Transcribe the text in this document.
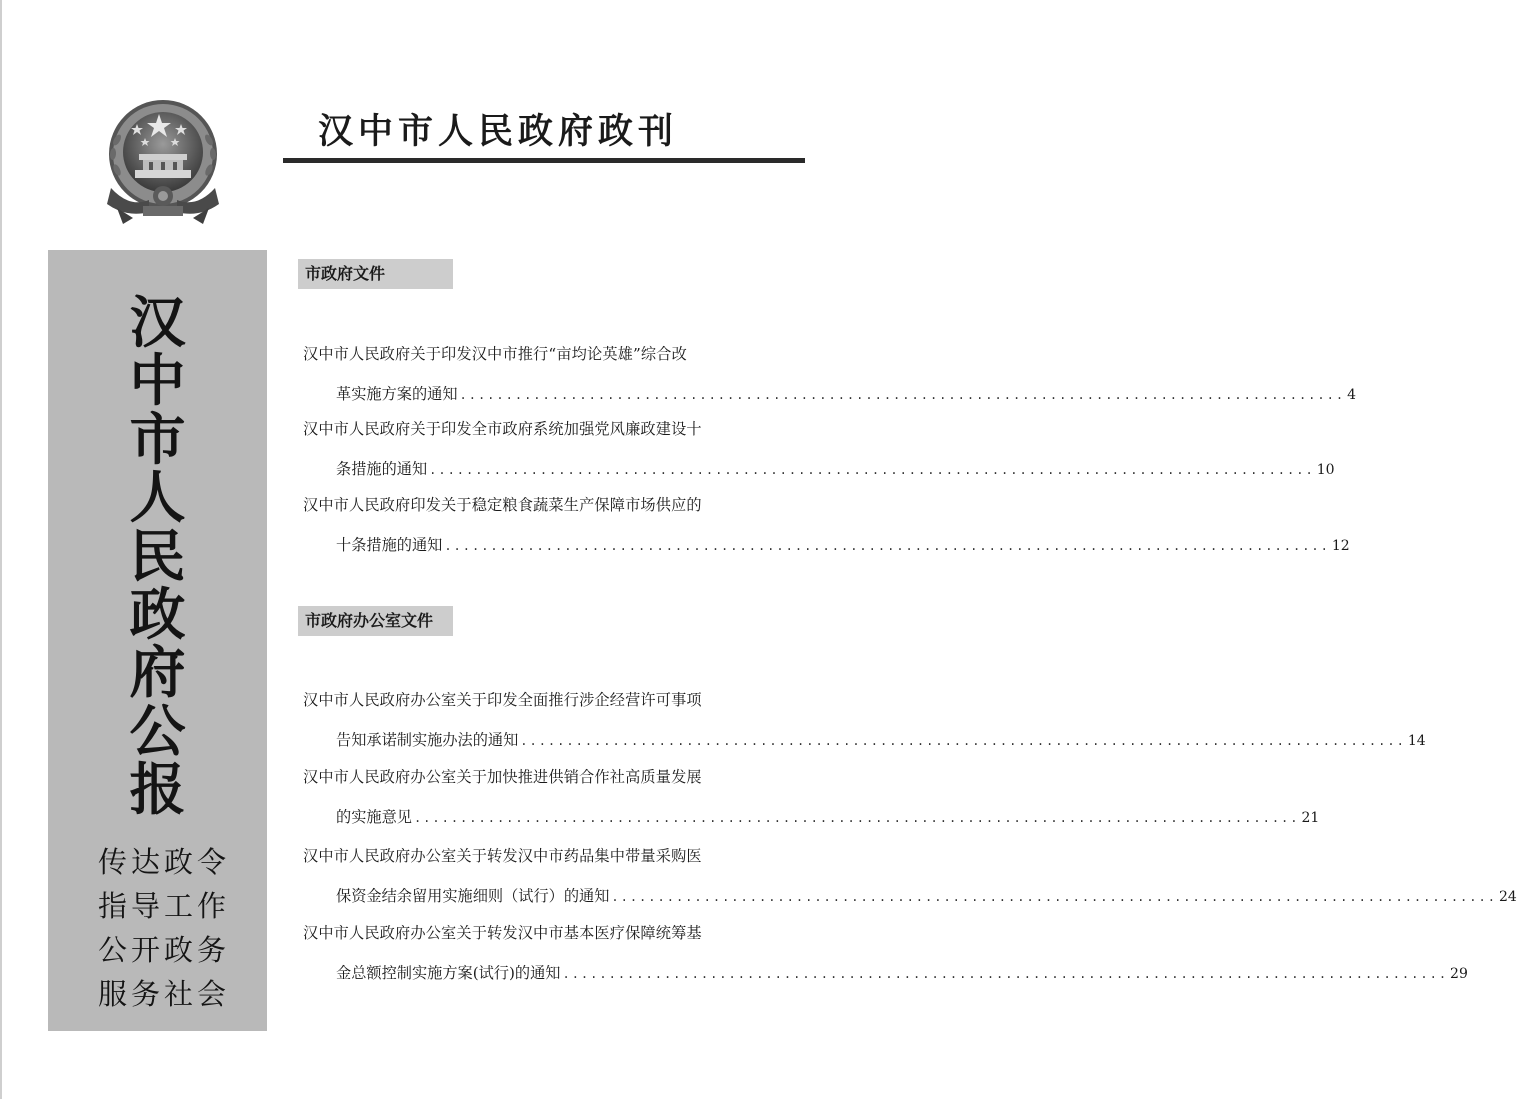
汉中市人民政府政刊
汉
中
市
人
民
政
府
公
报
传达政令
指导工作
公开政务
服务社会
市政府文件
汉中市人民政府关于印发汉中市推行“亩均论英雄”综合改
革实施方案的通知 ................................................................................................ 4
汉中市人民政府关于印发全市政府系统加强党风廉政建设十
条措施的通知 ................................................................................................ 10
汉中市人民政府印发关于稳定粮食蔬菜生产保障市场供应的
十条措施的通知 ................................................................................................ 12
市政府办公室文件
汉中市人民政府办公室关于印发全面推行涉企经营许可事项
告知承诺制实施办法的通知 ................................................................................................ 14
汉中市人民政府办公室关于加快推进供销合作社高质量发展
的实施意见 ................................................................................................ 21
汉中市人民政府办公室关于转发汉中市药品集中带量采购医
保资金结余留用实施细则（试行）的通知 ................................................................................................ 24
汉中市人民政府办公室关于转发汉中市基本医疗保障统筹基
金总额控制实施方案(试行)的通知 ................................................................................................ 29
